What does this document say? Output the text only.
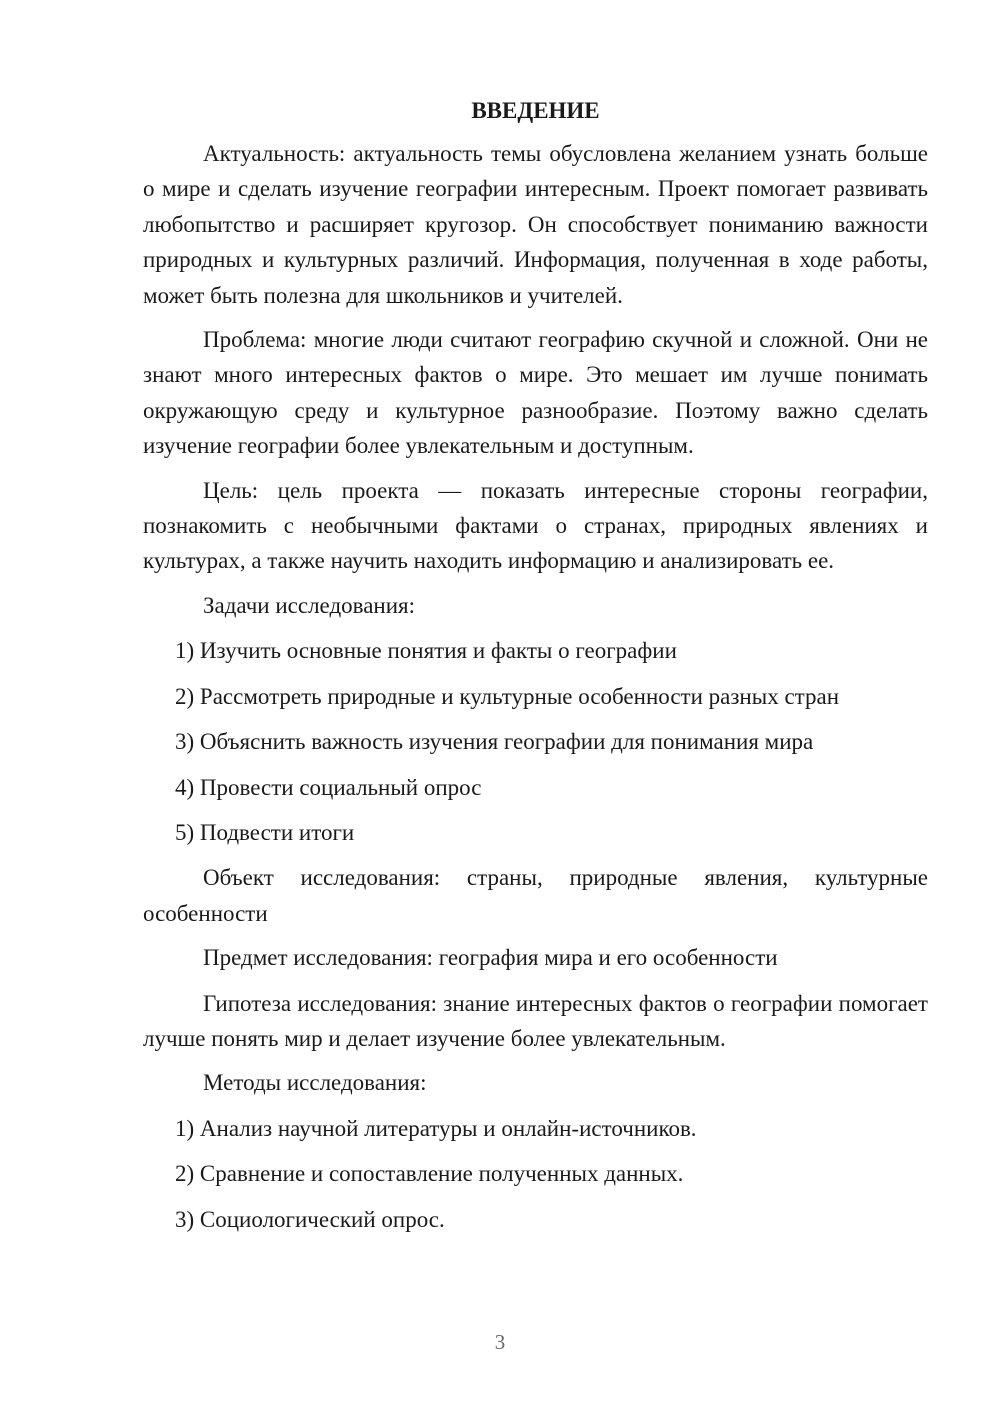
ВВЕДЕНИЕ

Актуальность: актуальность темы обусловлена желанием узнать больше о мире и сделать изучение географии интересным. Проект помогает развивать любопытство и расширяет кругозор. Он способствует пониманию важности природных и культурных различий. Информация, полученная в ходе работы, может быть полезна для школьников и учителей.

Проблема: многие люди считают географию скучной и сложной. Они не знают много интересных фактов о мире. Это мешает им лучше понимать окружающую среду и культурное разнообразие. Поэтому важно сделать изучение географии более увлекательным и доступным.

Цель: цель проекта — показать интересные стороны географии, познакомить с необычными фактами о странах, природных явлениях и культурах, а также научить находить информацию и анализировать ее.

Задачи исследования:

1) Изучить основные понятия и факты о географии

2) Рассмотреть природные и культурные особенности разных стран

3) Объяснить важность изучения географии для понимания мира

4) Провести социальный опрос

5) Подвести итоги

Объект исследования: страны, природные явления, культурные особенности

Предмет исследования: география мира и его особенности

Гипотеза исследования: знание интересных фактов о географии помогает лучше понять мир и делает изучение более увлекательным.

Методы исследования:

1) Анализ научной литературы и онлайн-источников.

2) Сравнение и сопоставление полученных данных.

3) Социологический опрос.

3
